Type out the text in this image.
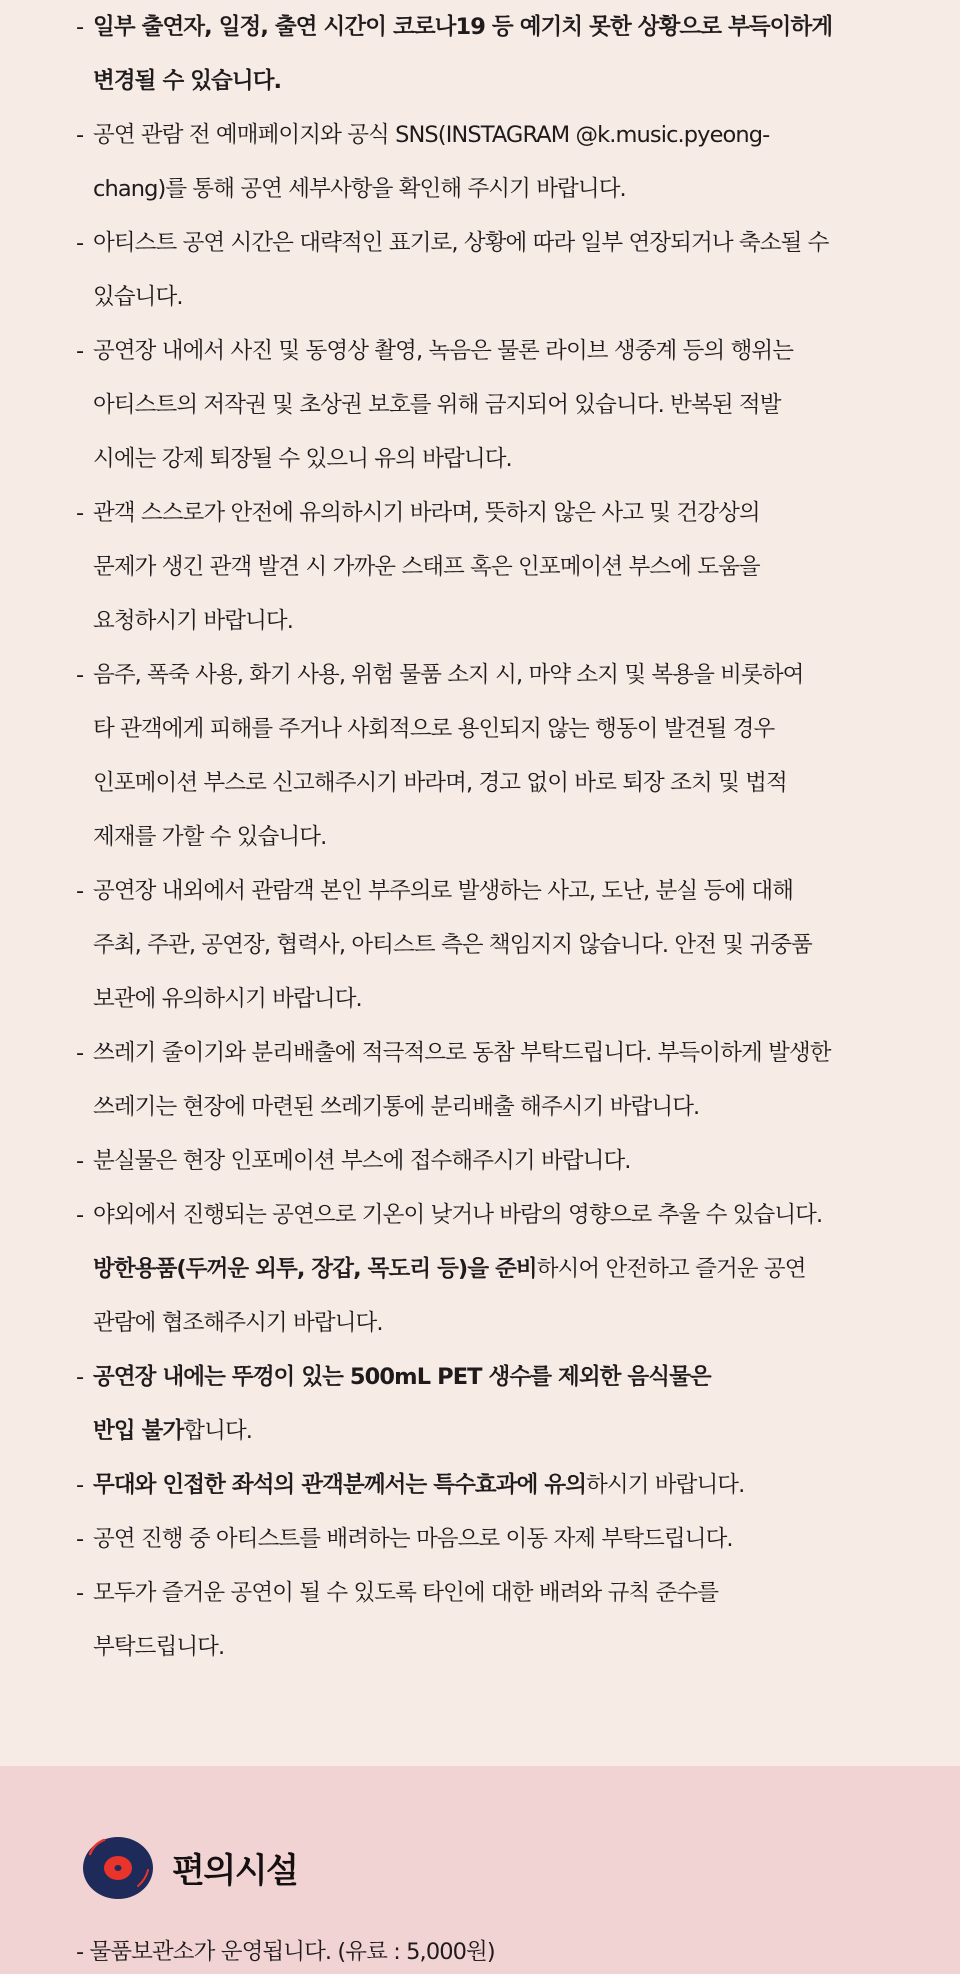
- 일부 출연자, 일정, 출연 시간이 코로나19 등 예기치 못한 상황으로 부득이하게
변경될 수 있습니다.
- 공연 관람 전 예매페이지와 공식 SNS(INSTAGRAM @k.music.pyeong-
chang)를 통해 공연 세부사항을 확인해 주시기 바랍니다.
- 아티스트 공연 시간은 대략적인 표기로, 상황에 따라 일부 연장되거나 축소될 수
있습니다.
- 공연장 내에서 사진 및 동영상 촬영, 녹음은 물론 라이브 생중계 등의 행위는
아티스트의 저작권 및 초상권 보호를 위해 금지되어 있습니다. 반복된 적발
시에는 강제 퇴장될 수 있으니 유의 바랍니다.
- 관객 스스로가 안전에 유의하시기 바라며, 뜻하지 않은 사고 및 건강상의
문제가 생긴 관객 발견 시 가까운 스태프 혹은 인포메이션 부스에 도움을
요청하시기 바랍니다.
- 음주, 폭죽 사용, 화기 사용, 위험 물품 소지 시, 마약 소지 및 복용을 비롯하여
타 관객에게 피해를 주거나 사회적으로 용인되지 않는 행동이 발견될 경우
인포메이션 부스로 신고해주시기 바라며, 경고 없이 바로 퇴장 조치 및 법적
제재를 가할 수 있습니다.
- 공연장 내외에서 관람객 본인 부주의로 발생하는 사고, 도난, 분실 등에 대해
주최, 주관, 공연장, 협력사, 아티스트 측은 책임지지 않습니다. 안전 및 귀중품
보관에 유의하시기 바랍니다.
- 쓰레기 줄이기와 분리배출에 적극적으로 동참 부탁드립니다. 부득이하게 발생한
쓰레기는 현장에 마련된 쓰레기통에 분리배출 해주시기 바랍니다.
- 분실물은 현장 인포메이션 부스에 접수해주시기 바랍니다.
- 야외에서 진행되는 공연으로 기온이 낮거나 바람의 영향으로 추울 수 있습니다.
방한용품(두꺼운 외투, 장갑, 목도리 등)을 준비하시어 안전하고 즐거운 공연
관람에 협조해주시기 바랍니다.
- 공연장 내에는 뚜껑이 있는 500mL PET 생수를 제외한 음식물은
반입 불가합니다.
- 무대와 인접한 좌석의 관객분께서는 특수효과에 유의하시기 바랍니다.
- 공연 진행 중 아티스트를 배려하는 마음으로 이동 자제 부탁드립니다.
- 모두가 즐거운 공연이 될 수 있도록 타인에 대한 배려와 규칙 준수를
부탁드립니다.
편의시설
- 물품보관소가 운영됩니다. (유료 : 5,000원)
